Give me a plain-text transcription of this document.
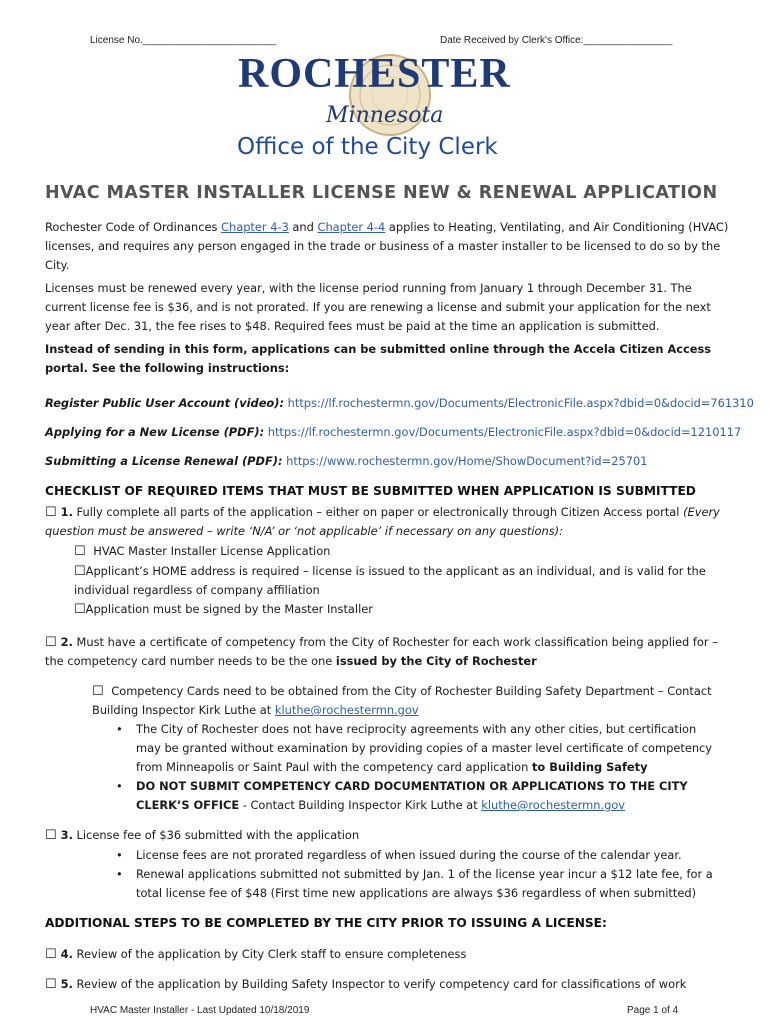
License No.________________________	Date Received by Clerk's Office:________________
ROCHESTER
Minnesota
Office of the City Clerk
HVAC MASTER INSTALLER LICENSE NEW & RENEWAL APPLICATION

Rochester Code of Ordinances Chapter 4-3 and Chapter 4-4 applies to Heating, Ventilating, and Air Conditioning (HVAC) licenses, and requires any person engaged in the trade or business of a master installer to be licensed to do so by the City.

Licenses must be renewed every year, with the license period running from January 1 through December 31. The current license fee is $36, and is not prorated. If you are renewing a license and submit your application for the next year after Dec. 31, the fee rises to $48. Required fees must be paid at the time an application is submitted.

Instead of sending in this form, applications can be submitted online through the Accela Citizen Access portal. See the following instructions:

Register Public User Account (video): https://lf.rochestermn.gov/Documents/ElectronicFile.aspx?dbid=0&docid=761310
Applying for a New License (PDF): https://lf.rochestermn.gov/Documents/ElectronicFile.aspx?dbid=0&docid=1210117
Submitting a License Renewal (PDF): https://www.rochestermn.gov/Home/ShowDocument?id=25701
CHECKLIST OF REQUIRED ITEMS THAT MUST BE SUBMITTED WHEN APPLICATION IS SUBMITTED

☐ 1. Fully complete all parts of the application – either on paper or electronically through Citizen Access portal (Every question must be answered – write ‘N/A’ or ‘not applicable’ if necessary on any questions):

☐ HVAC Master Installer License Application

☐Applicant’s HOME address is required – license is issued to the applicant as an individual, and is valid for the individual regardless of company affiliation

☐Application must be signed by the Master Installer

☐ 2. Must have a certificate of competency from the City of Rochester for each work classification being applied for – the competency card number needs to be the one issued by the City of Rochester

☐ Competency Cards need to be obtained from the City of Rochester Building Safety Department – Contact Building Inspector Kirk Luthe at kluthe@rochestermn.gov

• The City of Rochester does not have reciprocity agreements with any other cities, but certification may be granted without examination by providing copies of a master level certificate of competency from Minneapolis or Saint Paul with the competency card application to Building Safety

• DO NOT SUBMIT COMPETENCY CARD DOCUMENTATION OR APPLICATIONS TO THE CITY CLERK’S OFFICE - Contact Building Inspector Kirk Luthe at kluthe@rochestermn.gov

☐ 3. License fee of $36 submitted with the application

• License fees are not prorated regardless of when issued during the course of the calendar year.

• Renewal applications submitted not submitted by Jan. 1 of the license year incur a $12 late fee, for a total license fee of $48 (First time new applications are always $36 regardless of when submitted)

ADDITIONAL STEPS TO BE COMPLETED BY THE CITY PRIOR TO ISSUING A LICENSE:
☐ 4. Review of the application by City Clerk staff to ensure completeness
☐ 5. Review of the application by Building Safety Inspector to verify competency card for classifications of work
HVAC Master Installer - Last Updated 10/18/2019	Page 1 of 4
